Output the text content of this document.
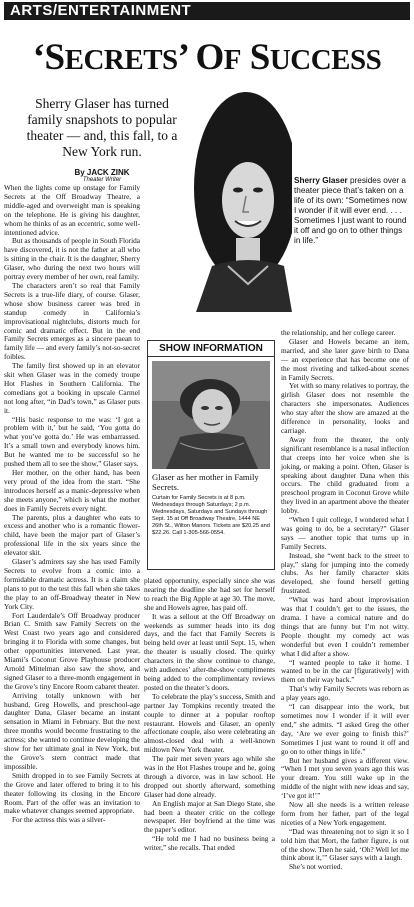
ARTS/ENTERTAINMENT
‘SECRETS’ OF SUCCESS
Sherry Glaser has turned family snapshots to popular theater — and, this fall, to a New York run.
By JACK ZINK
Theater Writer	Sherry Glaser presides over a theater piece that’s taken on a life of its own: “Sometimes now I wonder if it will ever end. . . . Sometimes I just want to round it off and go on to other things in life.”
SHOW INFORMATION
Glaser as her mother in Family Secrets.
Curtain for Family Secrets is at 8 p.m. Wednesdays through Saturdays; 2 p.m. Wednesdays, Saturdays and Sundays through Sept. 15 at Off Broadway Theatre, 1444 NE 26th St., Wilton Manors. Tickets are $20.25 and $22.26. Call 1-305-566-0554.

When the lights come up onstage for Family Secrets at the Off Broadway Theatre, a middle-aged and overweight man is speaking on the telephone. He is giving his daughter, whom he thinks of as an eccentric, some well-intentioned advice.

But as thousands of people in South Florida have discovered, it is not the father at all who is sitting in the chair. It is the daughter, Sherry Glaser, who during the next two hours will portray every member of her own, real family.

The characters aren’t so real that Family Secrets is a true-life diary, of course. Glaser, whose show business career was bred in standup comedy in California’s improvisational nightclubs, distorts much for comic and dramatic effect. But in the end Family Secrets emerges as a sincere paean to family life — and every family’s not-so-secret foibles.

The family first showed up in an elevator skit when Glaser was in the comedy troupe Hot Flashes in Southern California. The comedians got a booking in upscale Carmel not long after, “in Dad’s town,” as Glaser puts it.

“His basic response to me was: ‘I got a problem with it,’ but he said, ‘You gotta do what you’ve gotta do.’ He was embarrassed. It’s a small town and everybody knows him. But he wanted me to be successful so he pushed them all to see the show,” Glaser says.

Her mother, on the other hand, has been very proud of the idea from the start. “She introduces herself as a manic-depressive when she meets anyone,” which is what the mother does in Family Secrets every night.

The parents, plus a daughter who eats to excess and another who is a romantic flower-child, have been the major part of Glaser’s professional life in the six years since the elevator skit.

Glaser’s admirers say she has used Family Secrets to evolve from a comic into a formidable dramatic actress. It is a claim she plans to put to the test this fall when she takes the play to an off-Broadway theater in New York City.

Fort Lauderdale’s Off Broadway producer Brian C. Smith saw Family Secrets on the West Coast two years ago and considered bringing it to Florida with some changes, but other opportunities intervened. Last year, Miami’s Coconut Grove Playhouse producer Arnold Mittelman also saw the show, and signed Glaser to a three-month engagement in the Grove’s tiny Encore Room cabaret theater.

Arriving totally unknown with her husband, Greg Howells, and preschool-age daughter Dana, Glaser became an instant sensation in Miami in February. But the next three months would become frustrating to the actress; she wanted to continue developing the show for her ultimate goal in New York, but the Grove’s stern contract made that impossible.

Smith dropped in to see Family Secrets at the Grove and later offered to bring it to his theater following its closing in the Encore Room. Part of the offer was an invitation to make whatever changes seemed appropriate.

For the actress this was a silver-

plated opportunity, especially since she was nearing the deadline she had set for herself to reach the Big Apple at age 30. The move, she and Howels agree, has paid off.

It was a sellout at the Off Broadway on weekends as summer heads into its dog days, and the fact that Family Secrets is being held over at least until Sept. 15, when the theater is usually closed. The quirky characters in the show continue to change, with audiences’ after-the-show compliments being added to the complimentary reviews posted on the theater’s doors.

To celebrate the play’s success, Smith and partner Jay Tompkins recently treated the couple to dinner at a popular rooftop restaurant. Howels and Glaser, an openly affectionate couple, also were celebrating an almost-closed deal with a well-known midtown New York theater.

The pair met seven years ago while she was in the Hot Flashes troupe and he, going through a divorce, was in law school. He dropped out shortly afterward, something Glaser had done already.

An English major at San Diego State, she had been a theater critic on the college newspaper. Her boyfriend at the time was the paper’s editor.

“He told me I had no business being a writer,” she recalls. That ended

the relationship, and her college career.

Glaser and Howels became an item, married, and she later gave birth to Dana — an experience that has become one of the most riveting and talked-about scenes in Family Secrets.

Yet with so many relatives to portray, the girlish Glaser does not resemble the characters she impersonates. Audiences who stay after the show are amazed at the difference in personality, looks and carriage.

Away from the theater, the only significant resemblance is a nasal inflection that creeps into her voice when she is joking, or making a point. Often, Glaser is speaking about daughter Dana when this occurs. The child graduated from a preschool program in Coconut Grove while they lived in an apartment above the theater lobby.

“When I quit college, I wondered what I was going to do, be a secretary?” Glaser says — another topic that turns up in Family Secrets.

Instead, she “went back to the street to play,” slang for jumping into the comedy clubs. As her family character skits developed, she found herself getting frustrated.

“What was hard about improvisation was that I couldn’t get to the issues, the drama. I have a comical nature and do things that are funny but I’m not witty. People thought my comedy act was wonderful but even I couldn’t remember what I did after a show.

“I wanted people to take it home. I wanted to be in the car [figuratively] with them on their way back.”

That’s why Family Secrets was reborn as a play years ago.

“I can disappear into the work, but sometimes now I wonder if it will ever end,” she admits. “I asked Greg the other day, ‘Are we ever going to finish this?’ Sometimes I just want to round it off and go on to other things in life.”

But her husband gives a different view. “When I met you seven years ago this was your dream. You still wake up in the middle of the night with new ideas and say, ‘I’ve got it!’”

Now all she needs is a written release form from her father, part of the legal niceties of a New York engagement.

“Dad was threatening not to sign it so I told him that Mort, the father figure, is out of the show. Then he said, ‘Oh? Well let me think about it,’” Glaser says with a laugh.

She’s not worried.
